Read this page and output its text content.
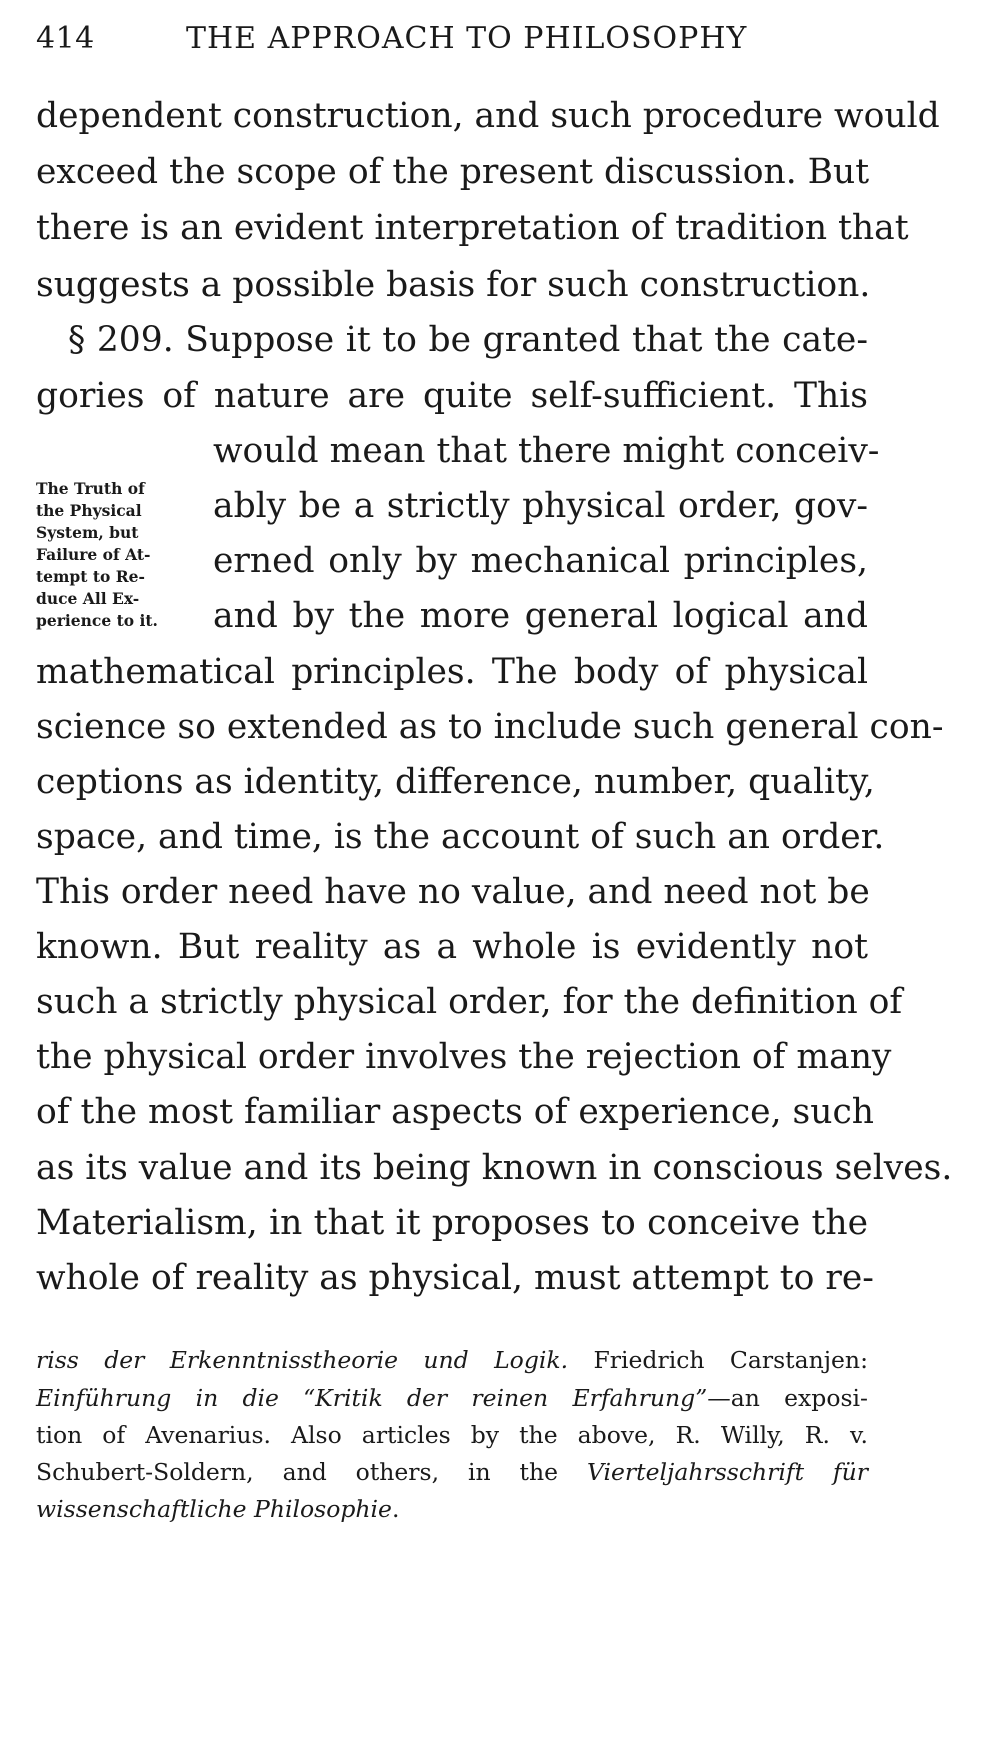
414	THE APPROACH TO PHILOSOPHY
dependent construction, and such procedure would
exceed the scope of the present discussion. But
there is an evident interpretation of tradition that
suggests a possible basis for such construction.
§ 209. Suppose it to be granted that the cate-
gories of nature are quite self-sufficient. This
would mean that there might conceiv-
ably be a strictly physical order, gov-
erned only by mechanical principles,
and by the more general logical and
mathematical principles. The body of physical
science so extended as to include such general con-
ceptions as identity, difference, number, quality,
space, and time, is the account of such an order.
This order need have no value, and need not be
known. But reality as a whole is evidently not
such a strictly physical order, for the definition of
the physical order involves the rejection of many
of the most familiar aspects of experience, such
as its value and its being known in conscious selves.
Materialism, in that it proposes to conceive the
whole of reality as physical, must attempt to re-
The Truth of
the Physical
System, but
Failure of At-
tempt to Re-
duce All Ex-
perience to it.
riss der Erkenntnisstheorie und Logik. Friedrich Carstanjen:
Einführung in die “Kritik der reinen Erfahrung”—an exposi-
tion of Avenarius. Also articles by the above, R. Willy, R. v.
Schubert-Soldern, and others, in the Vierteljahrsschrift für
wissenschaftliche Philosophie.
